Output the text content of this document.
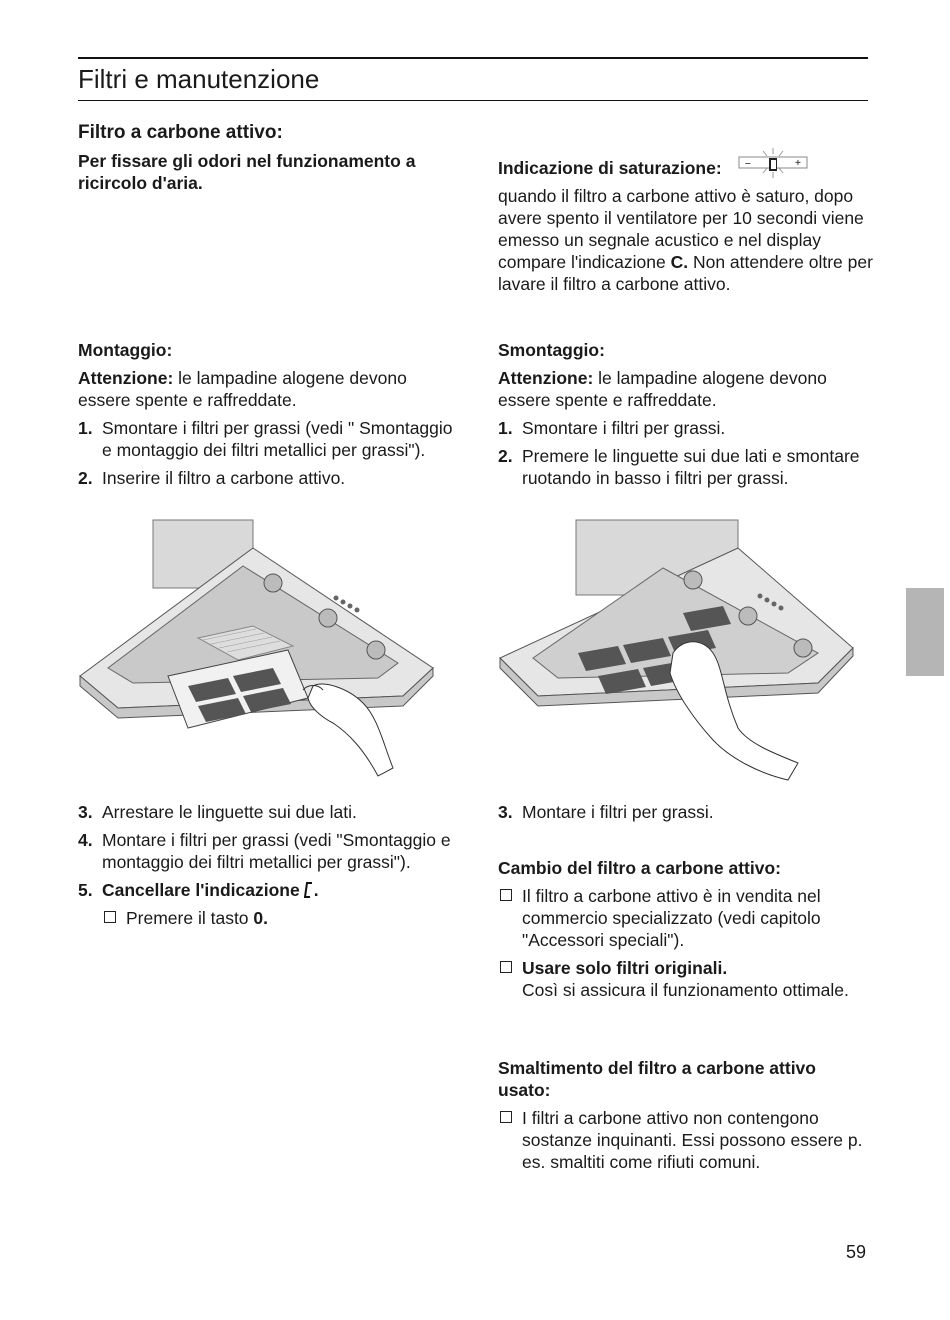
Filtri e manutenzione
Filtro a carbone attivo:

Per fissare gli odori nel funzionamento a ricircolo d'aria.

Indicazione di saturazione: –	+

quando il filtro a carbone attivo è saturo, dopo avere spento il ventilatore per 10 secondi viene emesso un segnale acustico e nel display compare l'indicazione C. Non attendere oltre per lavare il filtro a carbone attivo.

Montaggio:

Attenzione: le lampadine alogene devono essere spente e raffreddate.

1. Smontare i filtri per grassi (vedi " Smontaggio e montaggio dei filtri metallici per grassi").
2. Inserire il filtro a carbone attivo.
Smontaggio:

Attenzione: le lampadine alogene devono essere spente e raffreddate.

1. Smontare i filtri per grassi.
2. Premere le linguette sui due lati e smontare ruotando in basso i filtri per grassi.
3. Arrestare le linguette sui due lati.
4. Montare i filtri per grassi (vedi "Smontaggio e montaggio dei filtri metallici per grassi").
5. Cancellare l'indicazione .
Premere il tasto 0.
3. Montare i filtri per grassi.
Cambio del filtro a carbone attivo:
Il filtro a carbone attivo è in vendita nel commercio specializzato (vedi capitolo "Accessori speciali").
Usare solo filtri originali.
Così si assicura il funzionamento ottimale.
Smaltimento del filtro a carbone attivo usato:
I filtri a carbone attivo non contengono sostanze inquinanti. Essi possono essere p. es. smaltiti come rifiuti comuni.
59
